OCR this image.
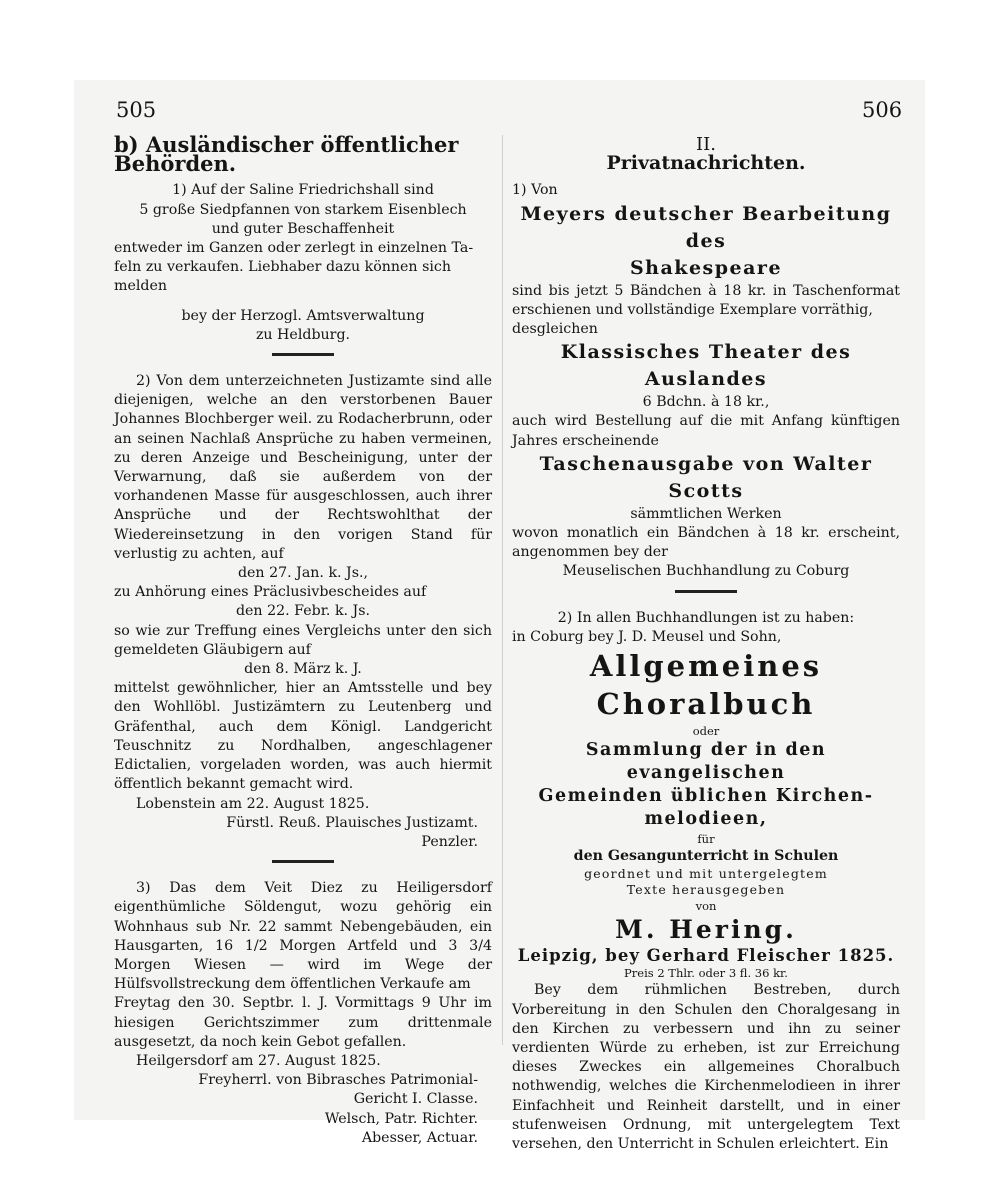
505	506

b) Ausländischer öffentlicher Behörden.

1) Auf der Saline Friedrichshall sind

5 große Siedpfannen von starkem Eisenblech

und guter Beschaffenheit

entweder im Ganzen oder zerlegt in einzelnen Ta-

feln zu verkaufen. Liebhaber dazu können sich

melden

bey der Herzogl. Amtsverwaltung

zu Heldburg.

2) Von dem unterzeichneten Justizamte sind alle diejenigen, welche an den verstorbenen Bauer Johannes Blochberger weil. zu Rodacherbrunn, oder an seinen Nachlaß Ansprüche zu haben vermeinen, zu deren Anzeige und Bescheinigung, unter der Verwarnung, daß sie außerdem von der vorhandenen Masse für ausgeschlossen, auch ihrer Ansprüche und der Rechtswohlthat der Wiedereinsetzung in den vorigen Stand für verlustig zu achten, auf

den 27. Jan. k. Js.,

zu Anhörung eines Präclusivbescheides auf

den 22. Febr. k. Js.

so wie zur Treffung eines Vergleichs unter den sich gemeldeten Gläubigern auf

den 8. März k. J.

mittelst gewöhnlicher, hier an Amtsstelle und bey den Wohllöbl. Justizämtern zu Leutenberg und Gräfenthal, auch dem Königl. Landgericht Teuschnitz zu Nordhalben, angeschlagener Edictalien, vorgeladen worden, was auch hiermit öffentlich bekannt gemacht wird.

Lobenstein am 22. August 1825.

Fürstl. Reuß. Plauisches Justizamt.

Penzler.

3) Das dem Veit Diez zu Heiligersdorf eigenthümliche Söldengut, wozu gehörig ein Wohnhaus sub Nr. 22 sammt Nebengebäuden, ein Hausgarten, 16 1/2 Morgen Artfeld und 3 3/4 Morgen Wiesen — wird im Wege der Hülfsvollstreckung dem öffentlichen Verkaufe am

Freytag den 30. Septbr. l. J. Vormittags 9 Uhr im hiesigen Gerichtszimmer zum drittenmale ausgesetzt, da noch kein Gebot gefallen.

Heilgersdorf am 27. August 1825.

Freyherrl. von Bibrasches Patrimonial-

Gericht I. Classe.

Welsch, Patr. Richter.

Abesser, Actuar.

II.

Privatnachrichten.

1) Von

Meyers deutscher Bearbeitung des

Shakespeare

sind bis jetzt 5 Bändchen à 18 kr. in Taschenformat erschienen und vollständige Exemplare vorräthig,

desgleichen

Klassisches Theater des Auslandes

6 Bdchn. à 18 kr.,

auch wird Bestellung auf die mit Anfang künftigen Jahres erscheinende

Taschenausgabe von Walter Scotts

sämmtlichen Werken

wovon monatlich ein Bändchen à 18 kr. erscheint, angenommen bey der

Meuselischen Buchhandlung zu Coburg

2) In allen Buchhandlungen ist zu haben:

in Coburg bey J. D. Meusel und Sohn,

Allgemeines Choralbuch

oder

Sammlung der in den evangelischen

Gemeinden üblichen Kirchen-

melodieen,

für

den Gesangunterricht in Schulen

geordnet und mit untergelegtem

Texte herausgegeben

von

M. Hering.

Leipzig, bey Gerhard Fleischer 1825.

Preis 2 Thlr. oder 3 fl. 36 kr.

Bey dem rühmlichen Bestreben, durch Vorbereitung in den Schulen den Choralgesang in den Kirchen zu verbessern und ihn zu seiner verdienten Würde zu erheben, ist zur Erreichung dieses Zweckes ein allgemeines Choralbuch nothwendig, welches die Kirchenmelodieen in ihrer Einfachheit und Reinheit darstellt, und in einer stufenweisen Ordnung, mit untergelegtem Text versehen, den Unterricht in Schulen erleichtert. Ein
